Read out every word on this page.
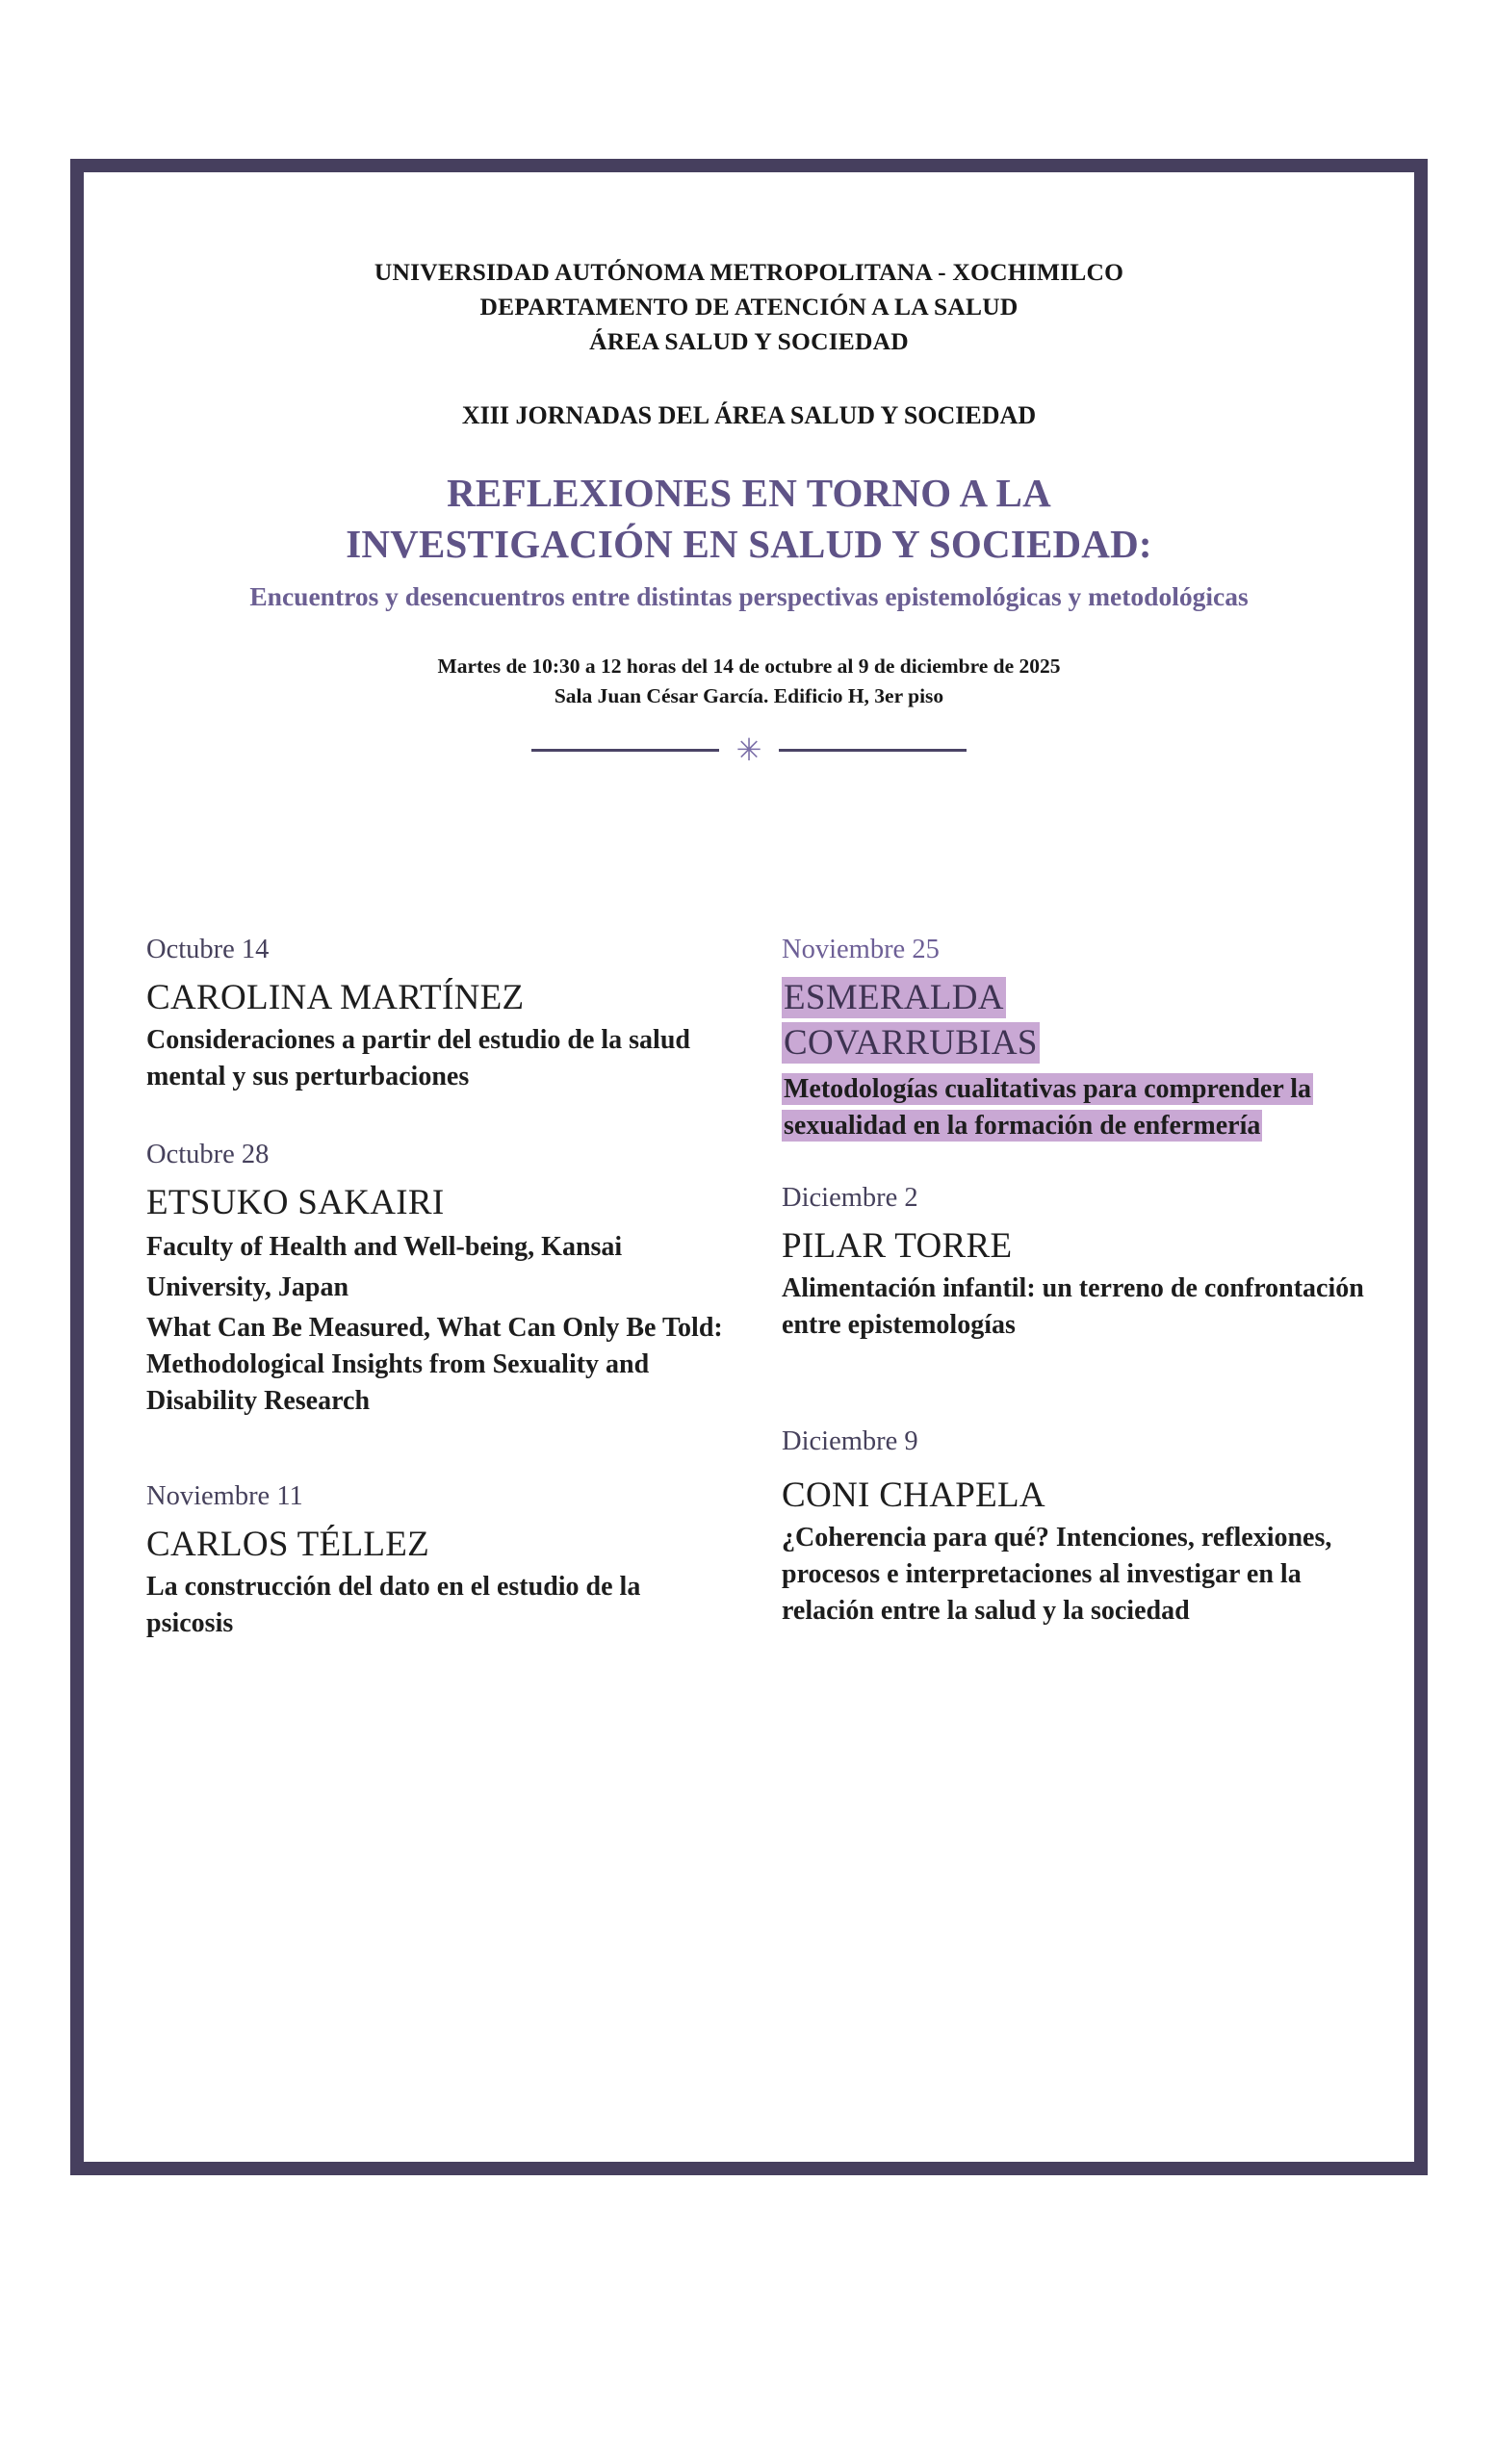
UNIVERSIDAD AUTÓNOMA METROPOLITANA - XOCHIMILCO
DEPARTAMENTO DE ATENCIÓN A LA SALUD
ÁREA SALUD Y SOCIEDAD
XIII JORNADAS DEL ÁREA SALUD Y SOCIEDAD
REFLEXIONES EN TORNO A LA
INVESTIGACIÓN EN SALUD Y SOCIEDAD:
Encuentros y desencuentros entre distintas perspectivas epistemológicas y metodológicas
Martes de 10:30 a 12 horas del 14 de octubre al 9 de diciembre de 2025
Sala Juan César García. Edificio H, 3er piso
✳
Octubre 14
CAROLINA MARTÍNEZ
Consideraciones a partir del estudio de la salud mental y sus perturbaciones
Octubre 28
ETSUKO SAKAIRI
Faculty of Health and Well-being, Kansai University, Japan
What Can Be Measured, What Can Only Be Told: Methodological Insights from Sexuality and Disability Research
Noviembre 11
CARLOS TÉLLEZ
La construcción del dato en el estudio de la psicosis
Noviembre 25
ESMERALDA
COVARRUBIAS
Metodologías cualitativas para comprender la sexualidad en la formación de enfermería
Diciembre 2
PILAR TORRE
Alimentación infantil: un terreno de confrontación entre epistemologías
Diciembre 9
CONI CHAPELA
¿Coherencia para qué? Intenciones, reflexiones, procesos e interpretaciones al investigar en la relación entre la salud y la sociedad
